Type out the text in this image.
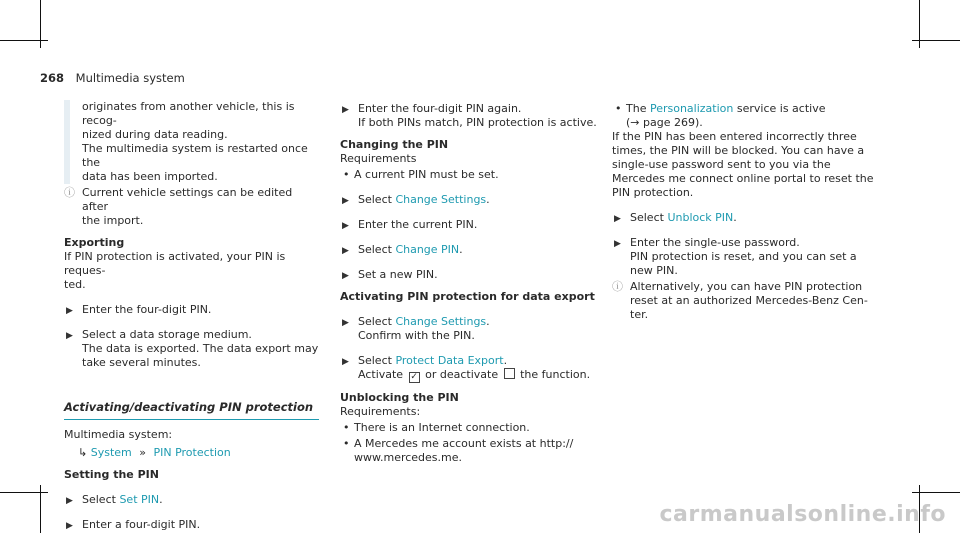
268 Multimedia system
originates from another vehicle, this is recog-
nized during data reading.
The multimedia system is restarted once the
data has been imported.
ⓘ Current vehicle settings can be edited after
the import.
Exporting
If PIN protection is activated, your PIN is reques-
ted.
▶ Enter the four-digit PIN.
▶ Select a data storage medium.
The data is exported. The data export may
take several minutes.
Activating/deactivating PIN protection
Multimedia system:
↳ System » PIN Protection
Setting the PIN
▶ Select Set PIN.
▶ Enter a four-digit PIN.
▶ Enter the four-digit PIN again.
If both PINs match, PIN protection is active.
Changing the PIN
Requirements
• A current PIN must be set.
▶ Select Change Settings.
▶ Enter the current PIN.
▶ Select Change PIN.
▶ Set a new PIN.
Activating PIN protection for data export
▶ Select Change Settings.
Confirm with the PIN.
▶ Select Protect Data Export.
Activate ✓ or deactivate the function.
Unblocking the PIN
Requirements:
• There is an Internet connection.
• A Mercedes me account exists at http://
www.mercedes.me.
• The Personalization service is active
(→ page 269).
If the PIN has been entered incorrectly three
times, the PIN will be blocked. You can have a
single-use password sent to you via the
Mercedes me connect online portal to reset the
PIN protection.
▶ Select Unblock PIN.
▶ Enter the single-use password.
PIN protection is reset, and you can set a
new PIN.
ⓘ Alternatively, you can have PIN protection
reset at an authorized Mercedes-Benz Cen-
ter.
carmanualsonline.info
